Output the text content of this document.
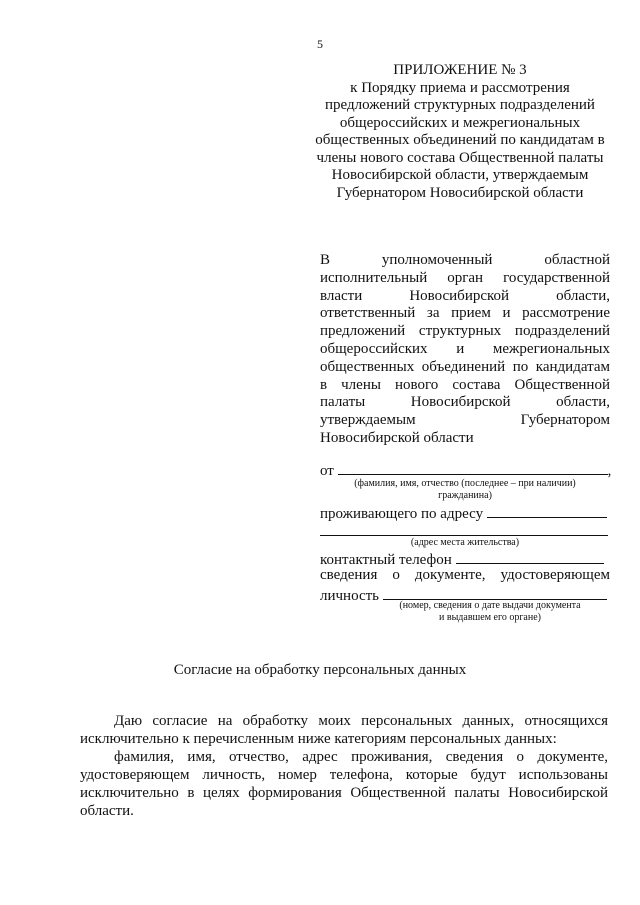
5
ПРИЛОЖЕНИЕ № 3
к Порядку приема и рассмотрения
предложений структурных подразделений
общероссийских и межрегиональных
общественных объединений по кандидатам в
члены нового состава Общественной палаты
Новосибирской области, утверждаемым
Губернатором Новосибирской области
В уполномоченный областной
исполнительный орган государственной
власти Новосибирской области,
ответственный за прием и рассмотрение
предложений структурных подразделений
общероссийских и межрегиональных
общественных объединений по кандидатам
в члены нового состава Общественной
палаты Новосибирской области,
утверждаемым Губернатором
Новосибирской области
от	,
(фамилия, имя, отчество (последнее – при наличии)
гражданина)
проживающего по адресу
(адрес места жительства)
контактный телефон
сведения о документе, удостоверяющем
личность
(номер, сведения о дате выдачи документа
и выдавшем его органе)
Согласие на обработку персональных данных
Даю согласие на обработку моих персональных данных, относящихся исключительно к перечисленным ниже категориям персональных данных:
фамилия, имя, отчество, адрес проживания, сведения о документе, удостоверяющем личность, номер телефона, которые будут использованы исключительно в целях формирования Общественной палаты Новосибирской области.
